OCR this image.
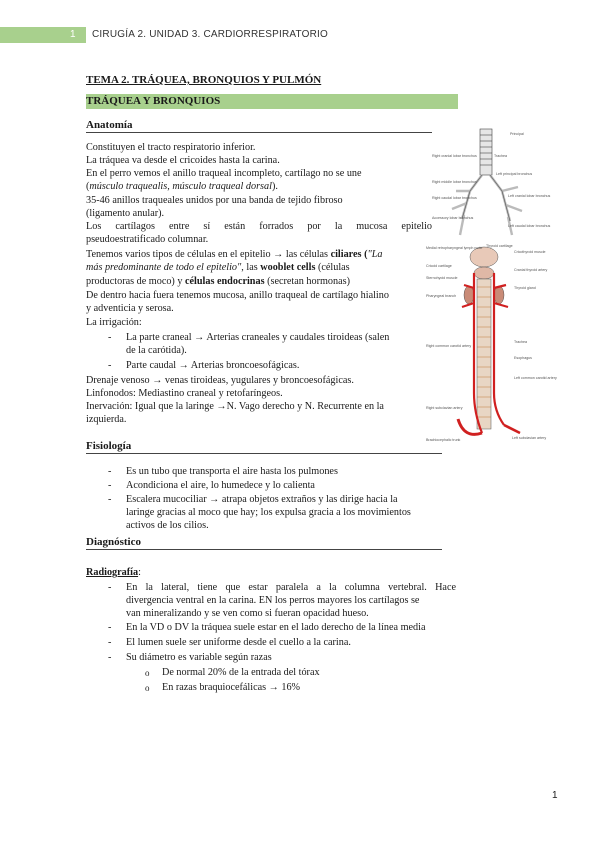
1 CIRUGÍA 2. UNIDAD 3. CARDIORRESPIRATORIO
TEMA 2. TRÁQUEA, BRONQUIOS Y PULMÓN
TRÁQUEA Y BRONQUIOS
Anatomía
Constituyen el tracto respiratorio inferior.
La tráquea va desde el cricoides hasta la carina.
En el perro vemos el anillo traqueal incompleto, cartílago no se une
(músculo traquealis, músculo traqueal dorsal).
35-46 anillos traqueales unidos por una banda de tejido fibroso
(ligamento anular).
Los cartílagos entre sí están forrados por la mucosa epitelio
pseudoestratificado columnar.
Tenemos varios tipos de células en el epitelio → las células ciliares ("La
más predominante de todo el epitelio", las wooblet cells (células
productoras de moco) y células endocrinas (secretan hormonas)
De dentro hacia fuera tenemos mucosa, anillo traqueal de cartílago hialino
y adventicia y serosa.
La irrigación:
- La parte craneal → Arterias craneales y caudales tiroideas (salen
de la carótida).
- Parte caudal → Arterias broncoesofágicas.
Drenaje venoso → venas tiroideas, yugulares y broncoesofágicas.
Linfonodos: Mediastino craneal y retofaríngeos.
Inervación: Igual que la laringe →N. Vago derecho y N. Recurrente en la
izquierda.
Fisiología
- Es un tubo que transporta el aire hasta los pulmones
- Acondiciona el aire, lo humedece y lo calienta
- Escalera mucociliar → atrapa objetos extraños y las dirige hacia la
laringe gracias al moco que hay; los expulsa gracia a los movimientos
activos de los cilios.
Diagnóstico
Radiografía:
- En la lateral, tiene que estar paralela a la columna vertebral. Hace
divergencia ventral en la carina. EN los perros mayores los cartílagos se
van mineralizando y se ven como si fueran opacidad hueso.
- En la VD o DV la tráquea suele estar en el lado derecho de la línea media
- El lumen suele ser uniforme desde el cuello a la carina.
- Su diámetro es variable según razas
o De normal 20% de la entrada del tórax
o En razas braquiocefálicas → 16%
Principal
Right cranial lobar bronchus
Right middle lobar bronchus
Right caudal lobar bronchus
Accessory lobar bronchus
Left cranial lobar bronchus
Left caudal lobar bronchus
Trachea
Left principal bronchus
Thyroid cartilage
Medial retropharyngeal lymph node
Cricothyroid muscle
Cricoid cartilage
Sternohyoid muscle
Cranial thyroid artery
Pharyngeal branch
Thyroid gland
Trachea
Esophagus
Right common carotid artery
Left common carotid artery
Right subclavian artery
Brachiocephalic trunk	Left subclavian artery
1
